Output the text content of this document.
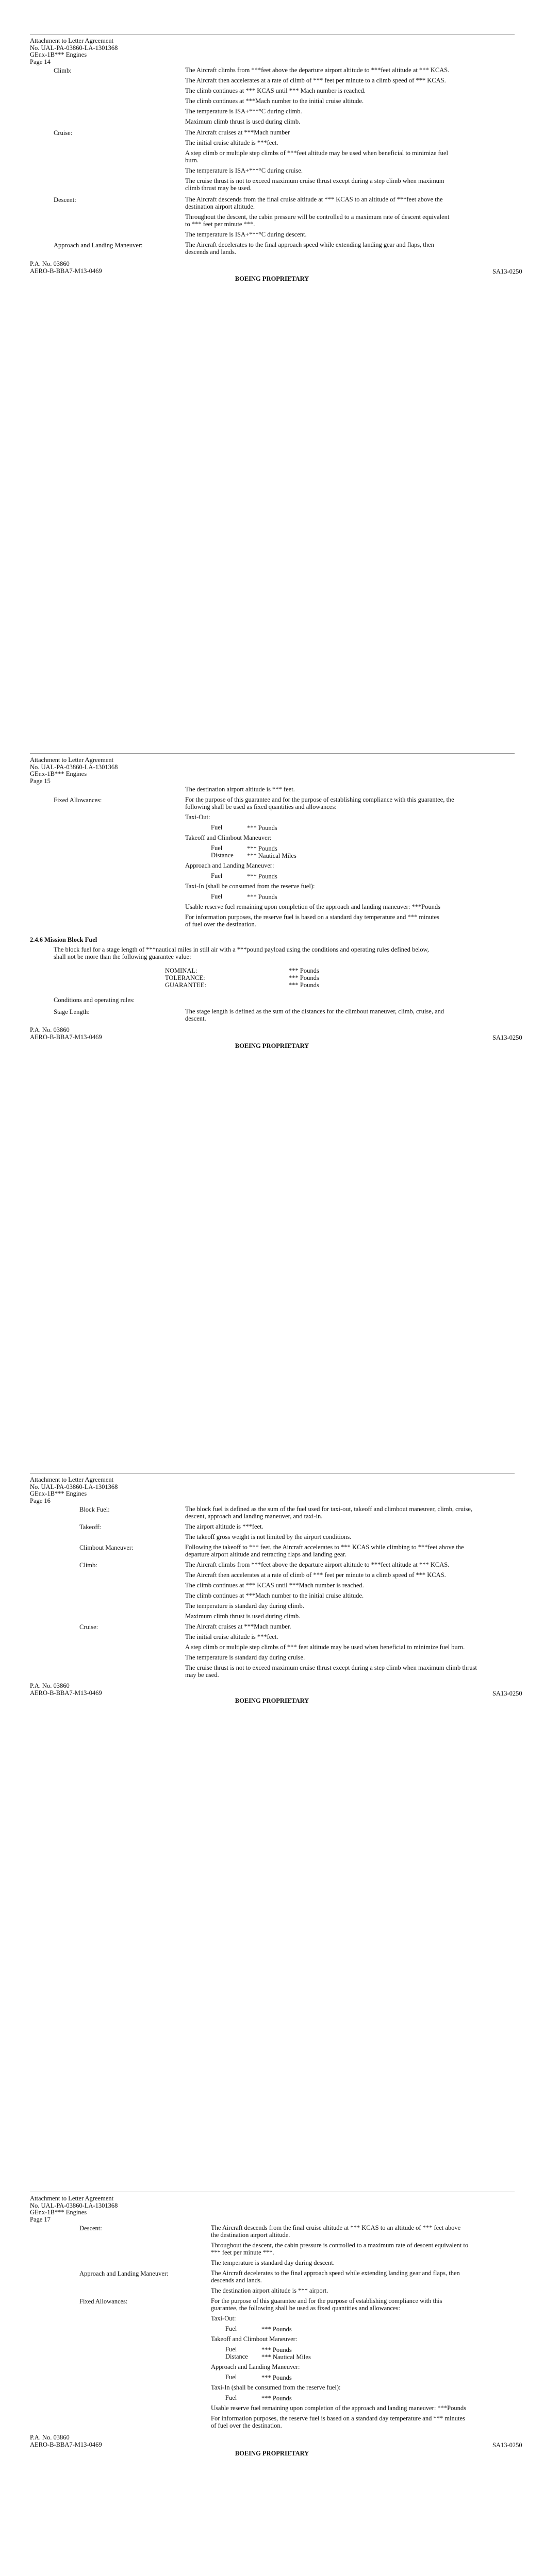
Attachment to Letter Agreement
No. UAL-PA-03860-LA-1301368
GEnx-1B*** Engines
Page 14
Climb:	The Aircraft climbs from ***feet above the departure airport altitude to ***feet altitude at *** KCAS.
The Aircraft then accelerates at a rate of climb of *** feet per minute to a climb speed of *** KCAS.
The climb continues at *** KCAS until *** Mach number is reached.
The climb continues at ***Mach number to the initial cruise altitude.
The temperature is ISA+***°C during climb.
Maximum climb thrust is used during climb.
Cruise:	The Aircraft cruises at ***Mach number
The initial cruise altitude is ***feet.
A step climb or multiple step climbs of ***feet altitude may be used when beneficial to minimize fuel
burn.
The temperature is ISA+***°C during cruise.
The cruise thrust is not to exceed maximum cruise thrust except during a step climb when maximum
climb thrust may be used.
Descent:	The Aircraft descends from the final cruise altitude at *** KCAS to an altitude of ***feet above the
destination airport altitude.
Throughout the descent, the cabin pressure will be controlled to a maximum rate of descent equivalent
to *** feet per minute ***.
The temperature is ISA+***°C during descent.
Approach and Landing Maneuver:	The Aircraft decelerates to the final approach speed while extending landing gear and flaps, then
descends and lands.
P.A. No. 03860
AERO-B-BBA7-M13-0469	SA13-0250
BOEING PROPRIETARY
Attachment to Letter Agreement
No. UAL-PA-03860-LA-1301368
GEnx-1B*** Engines
Page 15
The destination airport altitude is *** feet.
Fixed Allowances:	For the purpose of this guarantee and for the purpose of establishing compliance with this guarantee, the
following shall be used as fixed quantities and allowances:
Taxi-Out:
Fuel	*** Pounds
Takeoff and Climbout Maneuver:
Fuel	*** Pounds
Distance *** Nautical Miles
Approach and Landing Maneuver:
Fuel	*** Pounds
Taxi-In (shall be consumed from the reserve fuel):
Fuel	*** Pounds
Usable reserve fuel remaining upon completion of the approach and landing maneuver: ***Pounds
For information purposes, the reserve fuel is based on a standard day temperature and *** minutes
of fuel over the destination.
2.4.6 Mission Block Fuel
The block fuel for a stage length of ***nautical miles in still air with a ***pound payload using the conditions and operating rules defined below,
shall not be more than the following guarantee value:
NOMINAL:	*** Pounds
TOLERANCE:	*** Pounds
GUARANTEE:	*** Pounds
Conditions and operating rules:
Stage Length:	The stage length is defined as the sum of the distances for the climbout maneuver, climb, cruise, and
descent.
P.A. No. 03860
AERO-B-BBA7-M13-0469	SA13-0250
BOEING PROPRIETARY
Attachment to Letter Agreement
No. UAL-PA-03860-LA-1301368
GEnx-1B*** Engines
Page 16
Block Fuel:	The block fuel is defined as the sum of the fuel used for taxi-out, takeoff and climbout maneuver, climb, cruise,
descent, approach and landing maneuver, and taxi-in.
Takeoff:	The airport altitude is ***feet.
The takeoff gross weight is not limited by the airport conditions.
Climbout Maneuver:	Following the takeoff to *** feet, the Aircraft accelerates to *** KCAS while climbing to ***feet above the
departure airport altitude and retracting flaps and landing gear.
Climb:	The Aircraft climbs from ***feet above the departure airport altitude to ***feet altitude at *** KCAS.
The Aircraft then accelerates at a rate of climb of *** feet per minute to a climb speed of *** KCAS.
The climb continues at *** KCAS until ***Mach number is reached.
The climb continues at ***Mach number to the initial cruise altitude.
The temperature is standard day during climb.
Maximum climb thrust is used during climb.
Cruise:	The Aircraft cruises at ***Mach number.
The initial cruise altitude is ***feet.
A step climb or multiple step climbs of *** feet altitude may be used when beneficial to minimize fuel burn.
The temperature is standard day during cruise.
The cruise thrust is not to exceed maximum cruise thrust except during a step climb when maximum climb thrust
may be used.
P.A. No. 03860
AERO-B-BBA7-M13-0469	SA13-0250
BOEING PROPRIETARY
Attachment to Letter Agreement
No. UAL-PA-03860-LA-1301368
GEnx-1B*** Engines
Page 17
Descent:	The Aircraft descends from the final cruise altitude at *** KCAS to an altitude of *** feet above
the destination airport altitude.
Throughout the descent, the cabin pressure is controlled to a maximum rate of descent equivalent to
*** feet per minute ***.
The temperature is standard day during descent.
Approach and Landing Maneuver:	The Aircraft decelerates to the final approach speed while extending landing gear and flaps, then
descends and lands.
The destination airport altitude is *** airport.
Fixed Allowances:	For the purpose of this guarantee and for the purpose of establishing compliance with this
guarantee, the following shall be used as fixed quantities and allowances:
Taxi-Out:
Fuel	*** Pounds
Takeoff and Climbout Maneuver:
Fuel	*** Pounds
Distance *** Nautical Miles
Approach and Landing Maneuver:
Fuel	*** Pounds
Taxi-In (shall be consumed from the reserve fuel):
Fuel	*** Pounds
Usable reserve fuel remaining upon completion of the approach and landing maneuver: ***Pounds
For information purposes, the reserve fuel is based on a standard day temperature and *** minutes
of fuel over the destination.
P.A. No. 03860
AERO-B-BBA7-M13-0469	SA13-0250
BOEING PROPRIETARY
